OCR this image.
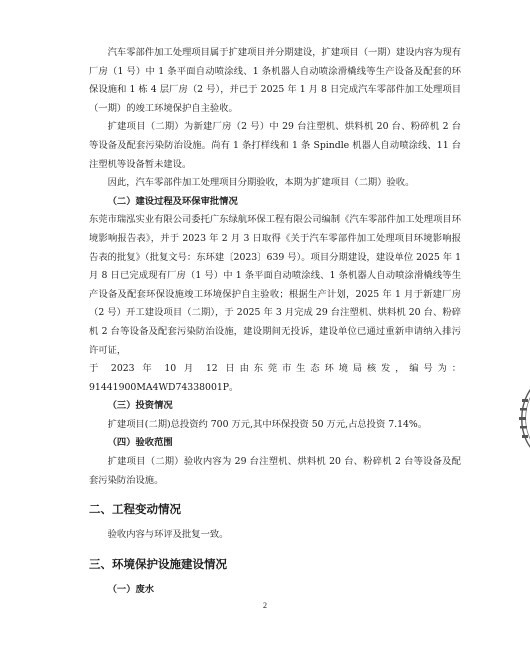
汽车零部件加工处理项目属于扩建项目并分期建设，扩建项目（一期）建设内容为现有厂房（1 号）中 1 条平面自动喷涂线、1 条机器人自动喷涂滑橇线等生产设备及配套的环保设施和 1 栋 4 层厂房（2 号），并已于 2025 年 1 月 8 日完成汽车零部件加工处理项目（一期）的竣工环境保护自主验收。

扩建项目（二期）为新建厂房（2 号）中 29 台注塑机、烘料机 20 台、粉碎机 2 台等设备及配套污染防治设施。尚有 1 条打样线和 1 条 Spindle 机器人自动喷涂线、11 台注塑机等设备暂未建设。

因此，汽车零部件加工处理项目分期验收，本期为扩建项目（二期）验收。

（二）建设过程及环保审批情况

东莞市瑞泓实业有限公司委托广东绿航环保工程有限公司编制《汽车零部件加工处理项目环境影响报告表》，并于 2023 年 2 月 3 日取得《关于汽车零部件加工处理项目环境影响报告表的批复》（批复文号：东环建〔2023〕639 号）。项目分期建设，建设单位 2025 年 1 月 8 日已完成现有厂房（1 号）中 1 条平面自动喷涂线、1 条机器人自动喷涂滑橇线等生产设备及配套环保设施竣工环境保护自主验收；根据生产计划，2025 年 1 月于新建厂房（2 号）开工建设项目（二期），于 2025 年 3 月完成 29 台注塑机、烘料机 20 台、粉碎机 2 台等设备及配套污染防治设施，建设期间无投诉，建设单位已通过重新申请纳入排污许可证，

于 2023 年 10 月 12 日由东莞市生态环境局核发，编号为：

91441900MA4WD74338001P。

（三）投资情况

扩建项目(二期)总投资约 700 万元,其中环保投资 50 万元,占总投资 7.14%。

（四）验收范围

扩建项目（二期）验收内容为 29 台注塑机、烘料机 20 台、粉碎机 2 台等设备及配套污染防治设施。

二、工程变动情况

验收内容与环评及批复一致。

三、环境保护设施建设情况
（一）废水
2
